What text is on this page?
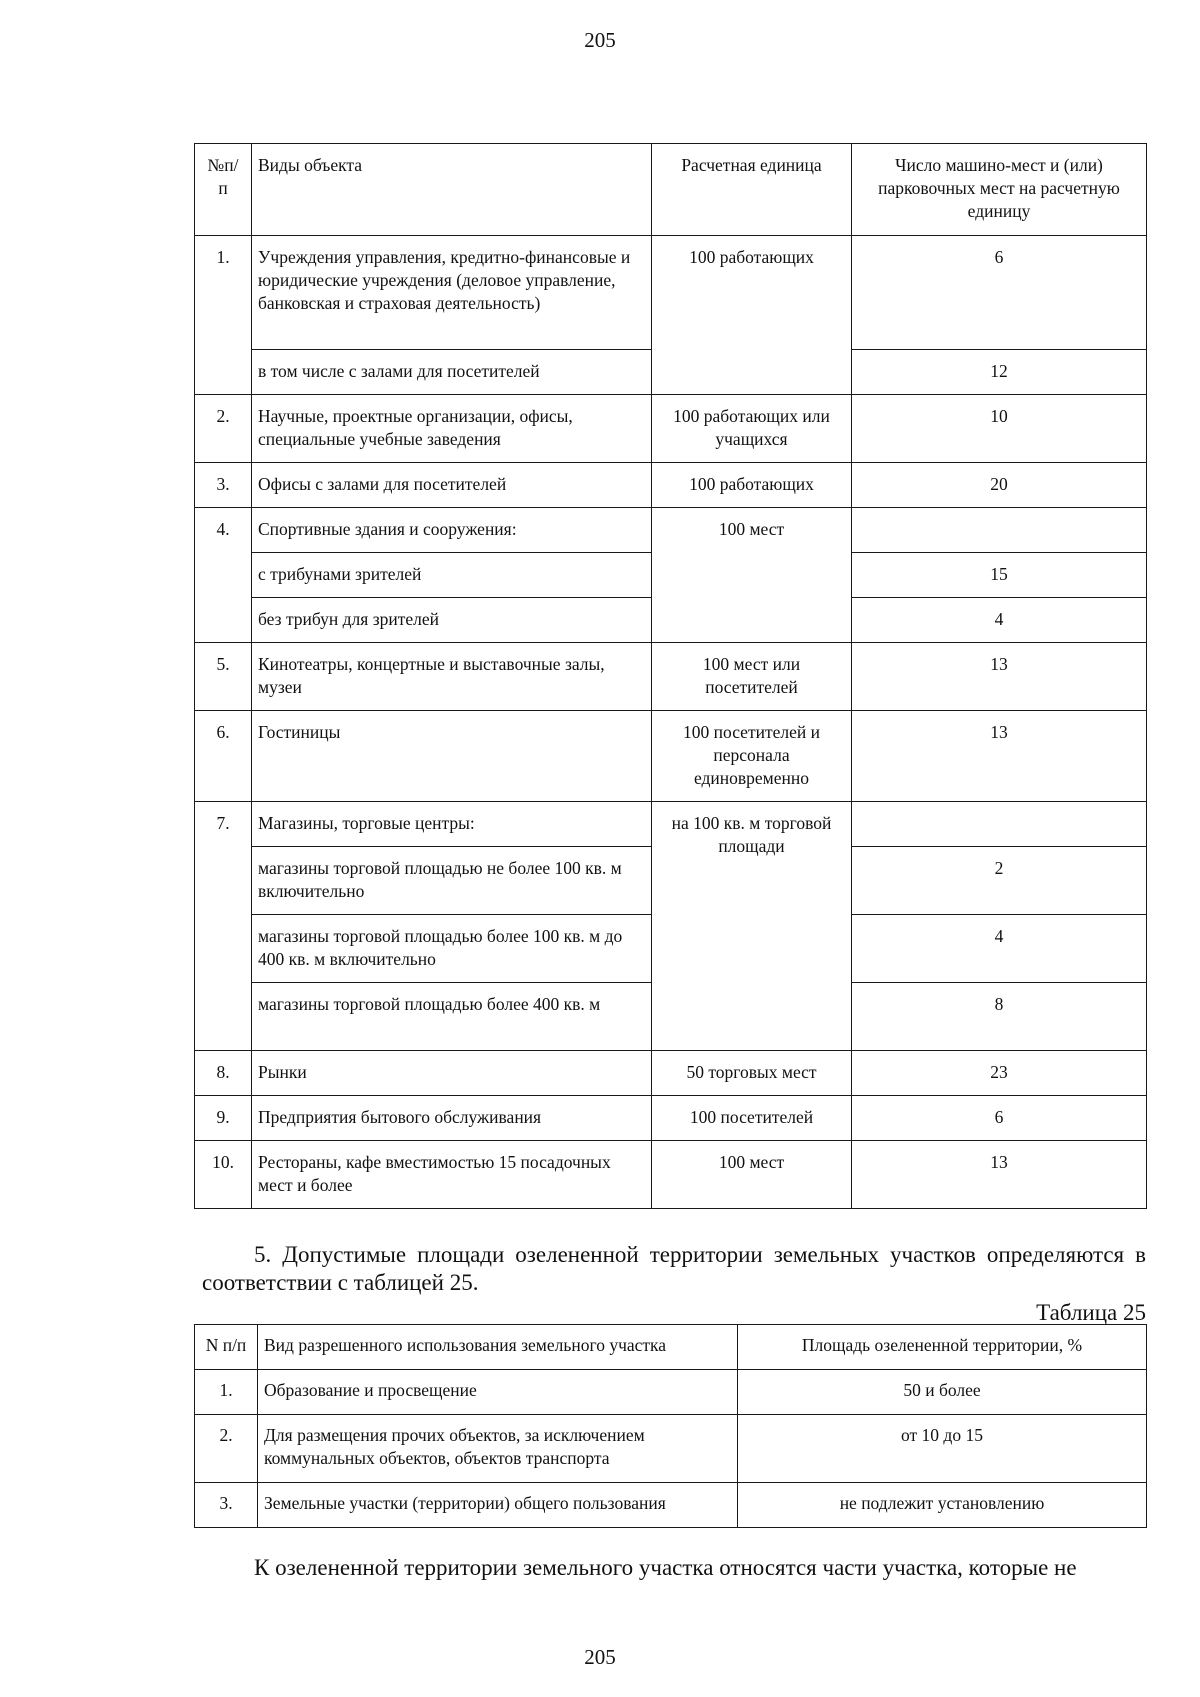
205
№п/
п	Виды объекта	Расчетная единица	Число машино-мест и (или) парковочных мест на расчетную единицу
1.	Учреждения управления, кредитно-финансовые и юридические учреждения (деловое управление, банковская и страховая деятельность)	100 работающих	6
	в том числе с залами для посетителей		12
2.	Научные, проектные организации, офисы, специальные учебные заведения	100 работающих или учащихся	10
3.	Офисы с залами для посетителей	100 работающих	20
4.	Спортивные здания и сооружения:	100 мест	
	с трибунами зрителей		15
	без трибун для зрителей		4
5.	Кинотеатры, концертные и выставочные залы, музеи	100 мест или посетителей	13
6.	Гостиницы	100 посетителей и персонала единовременно	13
7.	Магазины, торговые центры:	на 100 кв. м торговой площади	
	магазины торговой площадью не более 100 кв. м включительно		2
	магазины торговой площадью более 100 кв. м до 400 кв. м включительно		4
	магазины торговой площадью более 400 кв. м		8
8.	Рынки	50 торговых мест	23
9.	Предприятия бытового обслуживания	100 посетителей	6
10.	Рестораны, кафе вместимостью 15 посадочных мест и более	100 мест	13
5. Допустимые площади озелененной территории земельных участков определяются в соответствии с таблицей 25.
Таблица 25
N п/п	Вид разрешенного использования земельного участка	Площадь озелененной территории, %
1.	Образование и просвещение	50 и более
2.	Для размещения прочих объектов, за исключением коммунальных объектов, объектов транспорта	от 10 до 15
3.	Земельные участки (территории) общего пользования	не подлежит установлению
К озелененной территории земельного участка относятся части участка, которые не
205
